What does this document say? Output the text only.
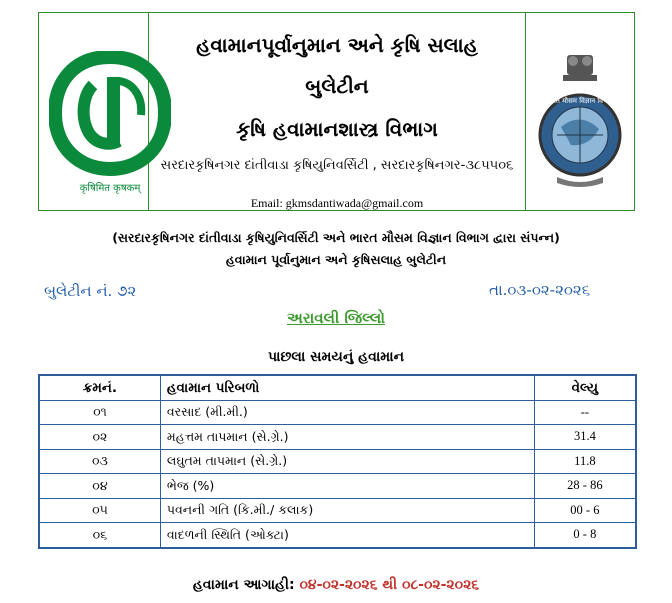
कृषिमित कृषकम्
હવામાનપૂર્વાનુમાન અને કૃષિ સલાહ
બુલેટીન
કૃષિ હવામાનશાસ્ત્ર વિભાગ
સરદારકૃષિનગર દાંતીવાડા કૃષિયુનિવર્સિટી , સરદારકૃષિનગર-૩૮૫૫૦૬
Email: gkmsdantiwada@gmail.com
भारत मौसम विज्ञान विभाग
(સરદારકૃષિનગર દાંતીવાડા કૃષિયુનિવર્સિટી અને ભારત મૌસમ વિજ્ઞાન વિભાગ દ્વારા સંપન્ન)
હવામાન પૂર્વાનુમાન અને કૃષિસલાહ બુલેટીન
બુલેટીન નં. ૭૨	તા.૦૩-૦૨-૨૦૨૬
અરાવલી જિલ્લો
પાછલા સમયનું હવામાન
ક્રમનં.	હવામાન પરિબળો	વેલ્યુ
૦૧	વરસાદ (મી.મી.)	--
૦૨	મહત્તમ તાપમાન (સે.ગ્રે.)	31.4
૦૩	લઘુતમ તાપમાન (સે.ગ્રે.)	11.8
૦૪	ભેજ (%)	28 - 86
૦૫	પવનની ગતિ (કિ.મી./ કલાક)	00 - 6
૦૬	વાદળની સ્થિતિ (ઓક્ટા)	0 - 8
હવામાન આગાહી: ૦૪-૦૨-૨૦૨૬ થી ૦૮-૦૨-૨૦૨૬
